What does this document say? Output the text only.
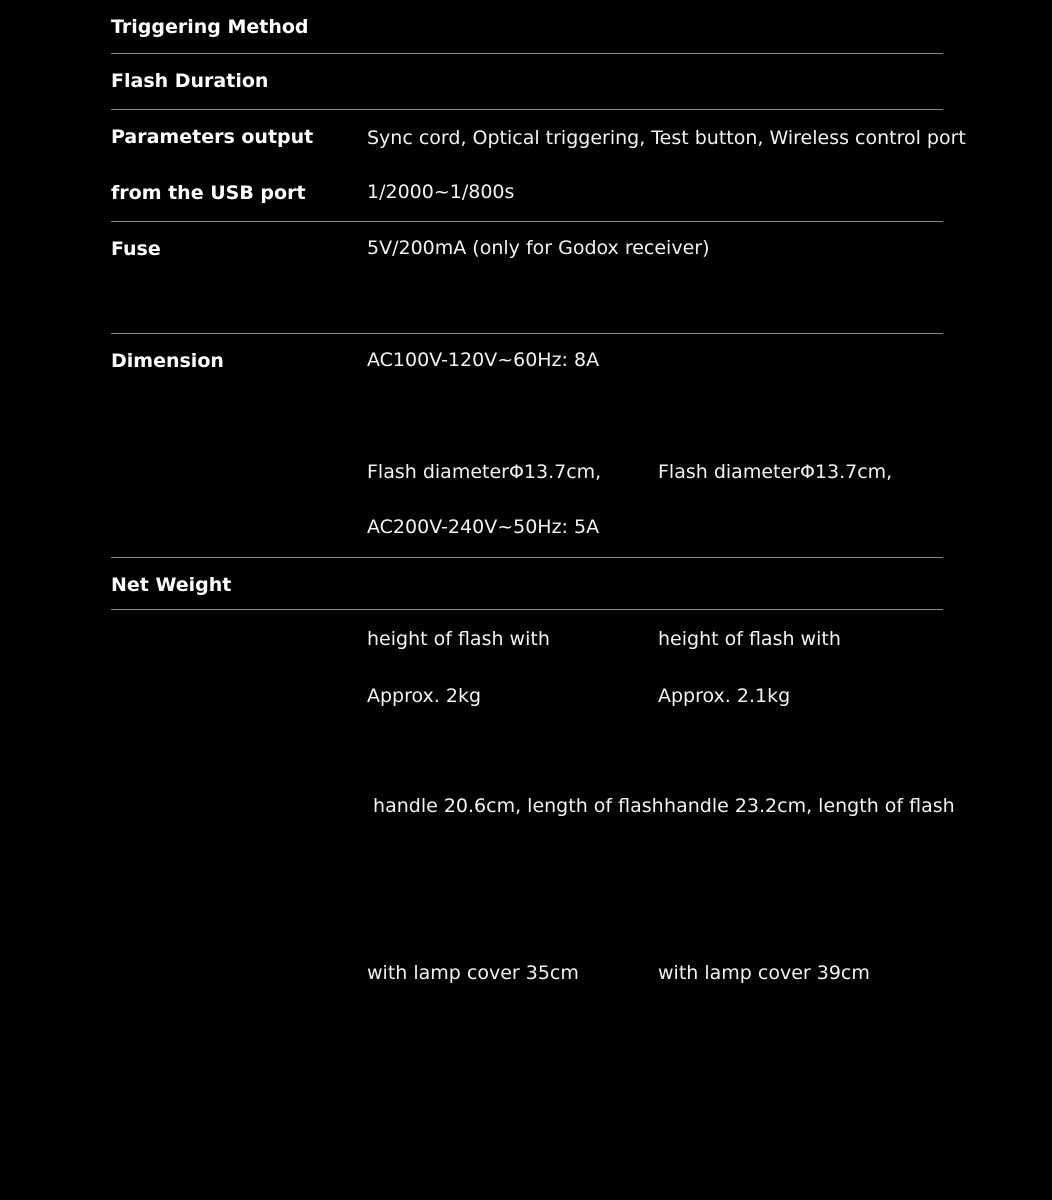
Triggering Method

Sync cord, Optical triggering, Test button, Wireless control port

Flash Duration

1/2000~1/800s

Parameters output
from the USB port

5V/200mA (only for Godox receiver)

Fuse

AC100V-120V~60Hz: 8A

AC200V-240V~50Hz: 5A

Dimension

Flash diameterΦ13.7cm,

height of flash with

handle 20.6cm, length of flash

with lamp cover 35cm

Flash diameterΦ13.7cm,

height of flash with

handle 23.2cm, length of flash

with lamp cover 39cm

Net Weight

Approx. 2kg

	Approx. 2.1kg
